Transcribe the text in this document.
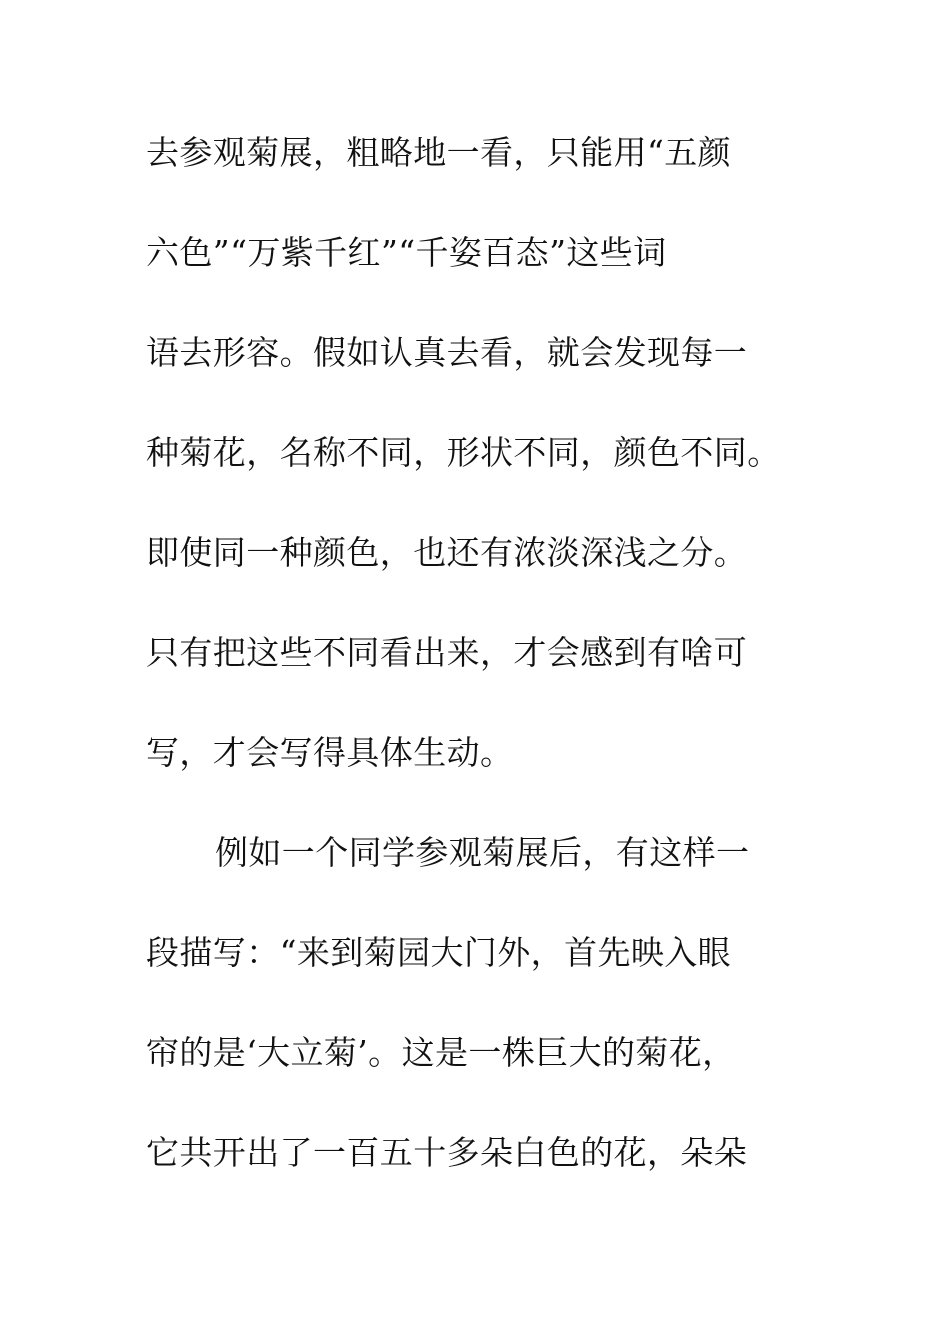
去参观菊展，粗略地一看，只能用“五颜
六色”“万紫千红”“千姿百态”这些词
语去形容。假如认真去看，就会发现每一
种菊花，名称不同，形状不同，颜色不同。
即使同一种颜色，也还有浓淡深浅之分。
只有把这些不同看出来，才会感到有啥可
写，才会写得具体生动。
例如一个同学参观菊展后，有这样一
段描写：“来到菊园大门外，首先映入眼
帘的是‘大立菊’。这是一株巨大的菊花，
它共开出了一百五十多朵白色的花，朵朵
